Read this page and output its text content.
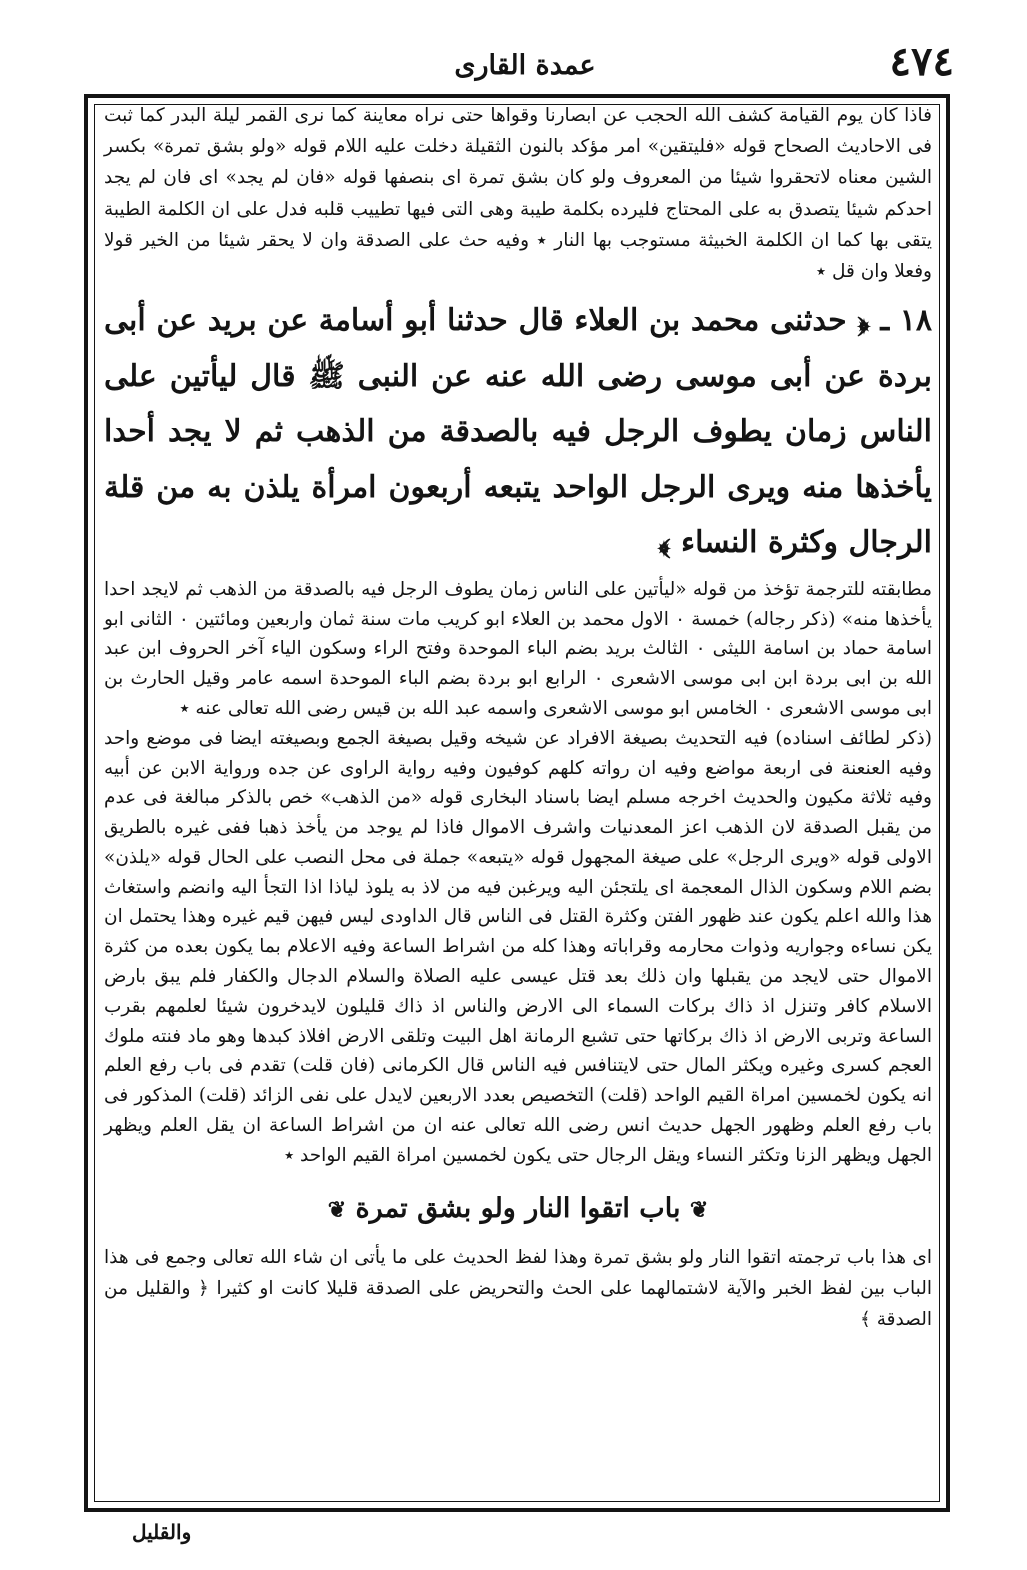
٤٧٤
عمدة القارى

فاذا كان يوم القيامة كشف الله الحجب عن ابصارنا وقواها حتى نراه معاينة كما نرى القمر ليلة البدر كما ثبت فى الاحاديث الصحاح قوله «فليتقين» امر مؤكد بالنون الثقيلة دخلت عليه اللام قوله «ولو بشق تمرة» بكسر الشين معناه لاتحقروا شيئا من المعروف ولو كان بشق تمرة اى بنصفها قوله «فان لم يجد» اى فان لم يجد احدكم شيئا يتصدق به على المحتاج فليرده بكلمة طيبة وهى التى فيها تطييب قلبه فدل على ان الكلمة الطيبة يتقى بها كما ان الكلمة الخبيثة مستوجب بها النار ٭ وفيه حث على الصدقة وان لا يحقر شيئا من الخير قولا وفعلا وان قل ٭

١٨ ـ ﴿ حدثنى محمد بن العلاء قال حدثنا أبو أسامة عن بريد عن أبى بردة عن أبى موسى رضى الله عنه عن النبى ﷺ قال ليأتين على الناس زمان يطوف الرجل فيه بالصدقة من الذهب ثم لا يجد أحدا يأخذها منه ويرى الرجل الواحد يتبعه أربعون امرأة يلذن به من قلة الرجال وكثرة النساء ﴾

مطابقته للترجمة تؤخذ من قوله «ليأتين على الناس زمان يطوف الرجل فيه بالصدقة من الذهب ثم لايجد احدا يأخذها منه» (ذكر رجاله) خمسة ٠ الاول محمد بن العلاء ابو كريب مات سنة ثمان واربعين ومائتين ٠ الثانى ابو اسامة حماد بن اسامة الليثى ٠ الثالث بريد بضم الباء الموحدة وفتح الراء وسكون الياء آخر الحروف ابن عبد الله بن ابى بردة ابن ابى موسى الاشعرى ٠ الرابع ابو بردة بضم الباء الموحدة اسمه عامر وقيل الحارث بن ابى موسى الاشعرى ٠ الخامس ابو موسى الاشعرى واسمه عبد الله بن قيس رضى الله تعالى عنه ٭

(ذكر لطائف اسناده) فيه التحديث بصيغة الافراد عن شيخه وقيل بصيغة الجمع وبصيغته ايضا فى موضع واحد وفيه العنعنة فى اربعة مواضع وفيه ان رواته كلهم كوفيون وفيه رواية الراوى عن جده ورواية الابن عن أبيه وفيه ثلاثة مكيون والحديث اخرجه مسلم ايضا باسناد البخارى قوله «من الذهب» خص بالذكر مبالغة فى عدم من يقبل الصدقة لان الذهب اعز المعدنيات واشرف الاموال فاذا لم يوجد من يأخذ ذهبا ففى غيره بالطريق الاولى قوله «ويرى الرجل» على صيغة المجهول قوله «يتبعه» جملة فى محل النصب على الحال قوله «يلذن» بضم اللام وسكون الذال المعجمة اى يلتجئن اليه ويرغبن فيه من لاذ به يلوذ لياذا اذا التجأ اليه وانضم واستغاث هذا والله اعلم يكون عند ظهور الفتن وكثرة القتل فى الناس قال الداودى ليس فيهن قيم غيره وهذا يحتمل ان يكن نساءه وجواريه وذوات محارمه وقراباته وهذا كله من اشراط الساعة وفيه الاعلام بما يكون بعده من كثرة الاموال حتى لايجد من يقبلها وان ذلك بعد قتل عيسى عليه الصلاة والسلام الدجال والكفار فلم يبق بارض الاسلام كافر وتنزل اذ ذاك بركات السماء الى الارض والناس اذ ذاك قليلون لايدخرون شيئا لعلمهم بقرب الساعة وتربى الارض اذ ذاك بركاتها حتى تشبع الرمانة اهل البيت وتلقى الارض افلاذ كبدها وهو ماد فنته ملوك العجم كسرى وغيره ويكثر المال حتى لايتنافس فيه الناس قال الكرمانى (فان قلت) تقدم فى باب رفع العلم انه يكون لخمسين امراة القيم الواحد (قلت) التخصيص بعدد الاربعين لايدل على نفى الزائد (قلت) المذكور فى باب رفع العلم وظهور الجهل حديث انس رضى الله تعالى عنه ان من اشراط الساعة ان يقل العلم ويظهر الجهل ويظهر الزنا وتكثر النساء ويقل الرجال حتى يكون لخمسين امراة القيم الواحد ٭

❦ باب اتقوا النار ولو بشق تمرة ❦

اى هذا باب ترجمته اتقوا النار ولو بشق تمرة وهذا لفظ الحديث على ما يأتى ان شاء الله تعالى وجمع فى هذا الباب بين لفظ الخبر والآية لاشتمالهما على الحث والتحريض على الصدقة قليلا كانت او كثيرا ﴿ والقليل من الصدقة ﴾

والقليل
